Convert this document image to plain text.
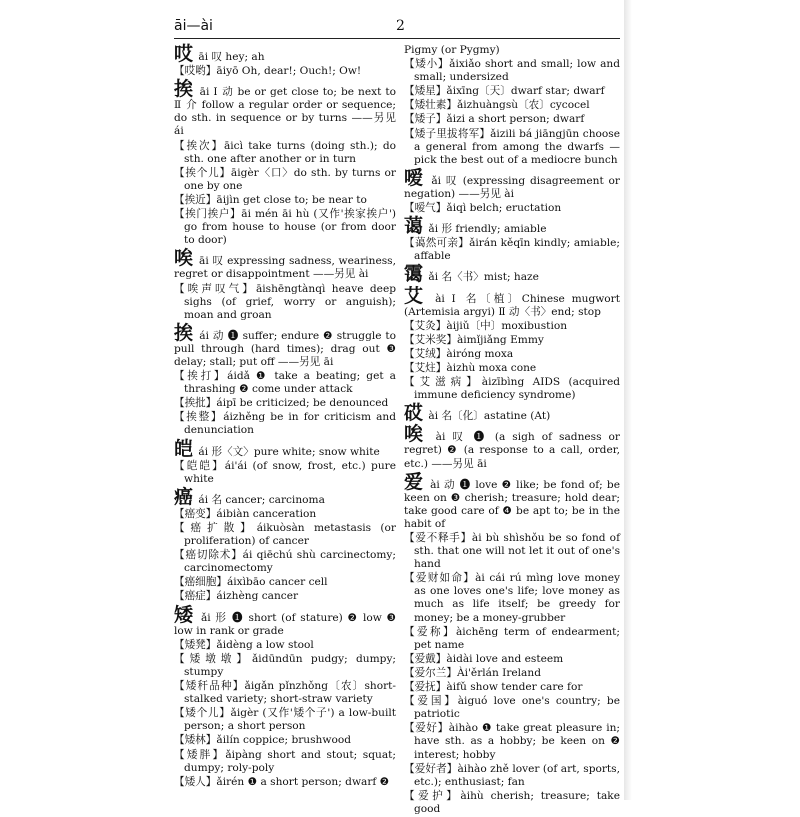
āi—ài	2
哎 āi 叹 hey; ah
【哎哟】āiyō Oh, dear!; Ouch!; Ow!
挨 āi Ⅰ 动 be or get close to; be next to Ⅱ 介 follow a regular order or sequence; do sth. in sequence or by turns ——另见 ái
【挨次】āicì take turns (doing sth.); do sth. one after another or in turn
【挨个儿】āigèr〈口〉do sth. by turns or one by one
【挨近】āijìn get close to; be near to
【挨门挨户】āi mén āi hù (又作'挨家挨户') go from house to house (or from door to door)
唉 āi 叹 expressing sadness, weariness, regret or disappointment ——另见 ài
【唉声叹气】āishēngtànqì heave deep sighs (of grief, worry or anguish); moan and groan
挨 ái 动 ❶ suffer; endure ❷ struggle to pull through (hard times); drag out ❸ delay; stall; put off ——另见 āi
【挨打】áidǎ ❶ take a beating; get a thrashing ❷ come under attack
【挨批】áipī be criticized; be denounced
【挨整】áizhěng be in for criticism and denunciation
皑 ái 形〈文〉pure white; snow white
【皑皑】ái'ái (of snow, frost, etc.) pure white
癌 ái 名 cancer; carcinoma
【癌变】áibiàn canceration
【癌扩散】áikuòsàn metastasis (or proliferation) of cancer
【癌切除术】ái qiēchú shù carcinectomy; carcinomectomy
【癌细胞】áixìbāo cancer cell
【癌症】áizhèng cancer
矮 ǎi 形 ❶ short (of stature) ❷ low ❸ low in rank or grade
【矮凳】ǎidèng a low stool
【矮墩墩】ǎidūndūn pudgy; dumpy; stumpy
【矮秆品种】ǎigǎn pǐnzhǒng〔农〕short-stalked variety; short-straw variety
【矮个儿】ǎigèr (又作'矮个子') a low-built person; a short person
【矮林】ǎilín coppice; brushwood
【矮胖】ǎipàng short and stout; squat; dumpy; roly-poly
【矮人】ǎirén ❶ a short person; dwarf ❷
Pigmy (or Pygmy)
【矮小】ǎixiǎo short and small; low and small; undersized
【矮星】ǎixīng〔天〕dwarf star; dwarf
【矮壮素】ǎizhuàngsù〔农〕cycocel
【矮子】ǎizi a short person; dwarf
【矮子里拔将军】ǎizili bá jiāngjūn choose a general from among the dwarfs — pick the best out of a mediocre bunch
嗳 ǎi 叹 (expressing disagreement or negation) ——另见 ài
【嗳气】ǎiqì belch; eructation
蔼 ǎi 形 friendly; amiable
【蔼然可亲】ǎirán kěqīn kindly; amiable; affable
霭 ǎi 名〈书〉mist; haze
艾 ài Ⅰ 名〔植〕Chinese mugwort (Artemisia argyi) Ⅱ 动〈书〉end; stop
【艾灸】àijiǔ〔中〕moxibustion
【艾米奖】àimǐjiǎng Emmy
【艾绒】àiróng moxa
【艾炷】àizhù moxa cone
【艾滋病】àizībìng AIDS (acquired immune deficiency syndrome)
砹 ài 名〔化〕astatine (At)
唉 ài 叹 ❶ (a sigh of sadness or regret) ❷ (a response to a call, order, etc.) ——另见 āi
爱 ài 动 ❶ love ❷ like; be fond of; be keen on ❸ cherish; treasure; hold dear; take good care of ❹ be apt to; be in the habit of
【爱不释手】ài bù shìshǒu be so fond of sth. that one will not let it out of one's hand
【爱财如命】ài cái rú mìng love money as one loves one's life; love money as much as life itself; be greedy for money; be a money-grubber
【爱称】àichēng term of endearment; pet name
【爱戴】àidài love and esteem
【爱尔兰】Ài'ěrlán Ireland
【爱抚】àifǔ show tender care for
【爱国】àiguó love one's country; be patriotic
【爱好】àihào ❶ take great pleasure in; have sth. as a hobby; be keen on ❷ interest; hobby
【爱好者】àihào zhě lover (of art, sports, etc.); enthusiast; fan
【爱护】àihù cherish; treasure; take good
